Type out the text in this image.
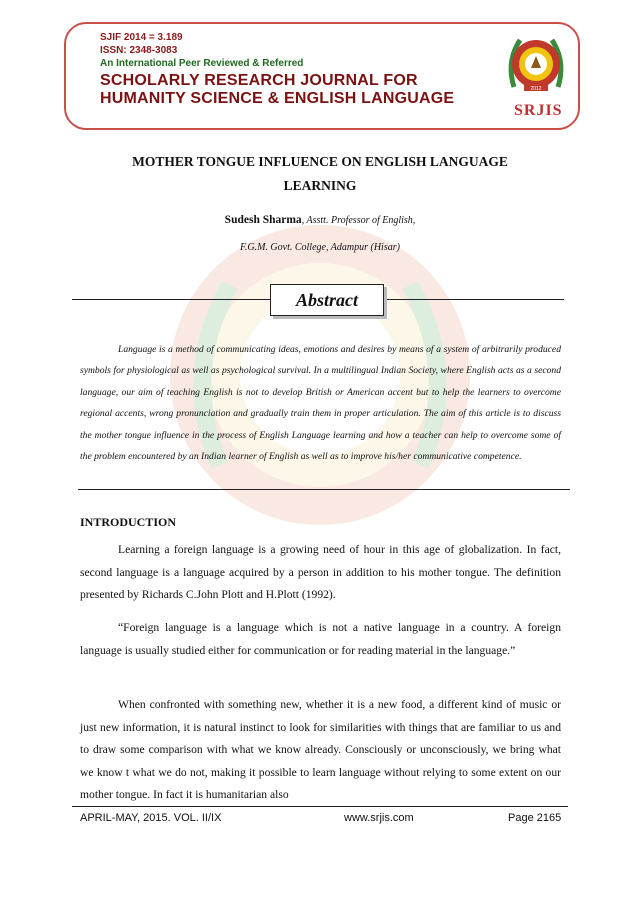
SJIF 2014 = 3.189
ISSN: 2348-3083
An International Peer Reviewed & Referred
SCHOLARLY RESEARCH JOURNAL FOR
HUMANITY SCIENCE & ENGLISH LANGUAGE
2012
SRJIS
MOTHER TONGUE INFLUENCE ON ENGLISH LANGUAGE
LEARNING
Sudesh Sharma, Asstt. Professor of English,
F.G.M. Govt. College, Adampur (Hisar)
Abstract
Language is a method of communicating ideas, emotions and desires by means of a system of arbitrarily produced symbols for physiological as well as psychological survival. In a multilingual Indian Society, where English acts as a second language, our aim of teaching English is not to develop British or American accent but to help the learners to overcome regional accents, wrong pronunciation and gradually train them in proper articulation. The aim of this article is to discuss the mother tongue influence in the process of English Language learning and how a teacher can help to overcome some of the problem encountered by an Indian learner of English as well as to improve his/her communicative competence.
INTRODUCTION
Learning a foreign language is a growing need of hour in this age of globalization. In fact, second language is a language acquired by a person in addition to his mother tongue. The definition presented by Richards C.John Plott and H.Plott (1992).
“Foreign language is a language which is not a native language in a country. A foreign language is usually studied either for communication or for reading material in the language.”
When confronted with something new, whether it is a new food, a different kind of music or just new information, it is natural instinct to look for similarities with things that are familiar to us and to draw some comparison with what we know already. Consciously or unconsciously, we bring what we know t what we do not, making it possible to learn language without relying to some extent on our mother tongue. In fact it is humanitarian also
APRIL-MAY, 2015. VOL. II/IX	www.srjis.com	Page 2165
